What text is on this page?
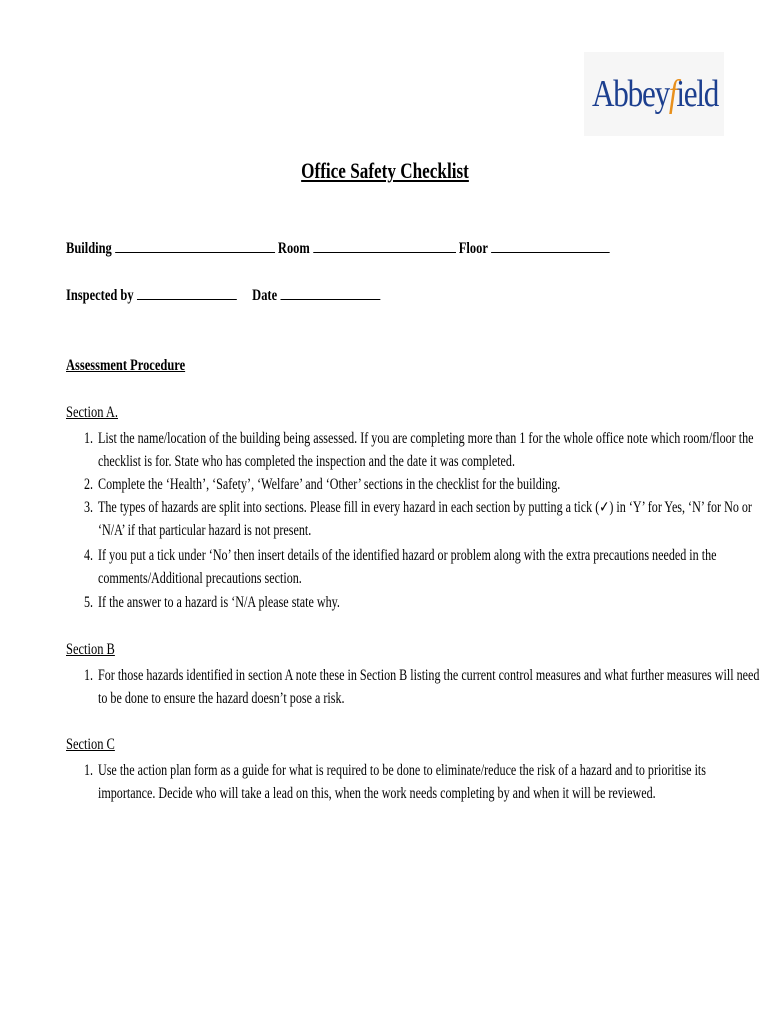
Abbeyfield
Office Safety Checklist
Building	Room	Floor
Inspected by	Date
Assessment Procedure
Section A.
1. List the name/location of the building being assessed. If you are completing more than 1 for the whole office note which room/floor the
checklist is for. State who has completed the inspection and the date it was completed.
2. Complete the ‘Health’, ‘Safety’, ‘Welfare’ and ‘Other’ sections in the checklist for the building.
3. The types of hazards are split into sections. Please fill in every hazard in each section by putting a tick (✓) in ‘Y’ for Yes, ‘N’ for No or
‘N/A’ if that particular hazard is not present.
4. If you put a tick under ‘No’ then insert details of the identified hazard or problem along with the extra precautions needed in the
comments/Additional precautions section.
5. If the answer to a hazard is ‘N/A please state why.
Section B
1. For those hazards identified in section A note these in Section B listing the current control measures and what further measures will need
to be done to ensure the hazard doesn’t pose a risk.
Section C
1. Use the action plan form as a guide for what is required to be done to eliminate/reduce the risk of a hazard and to prioritise its
importance. Decide who will take a lead on this, when the work needs completing by and when it will be reviewed.
